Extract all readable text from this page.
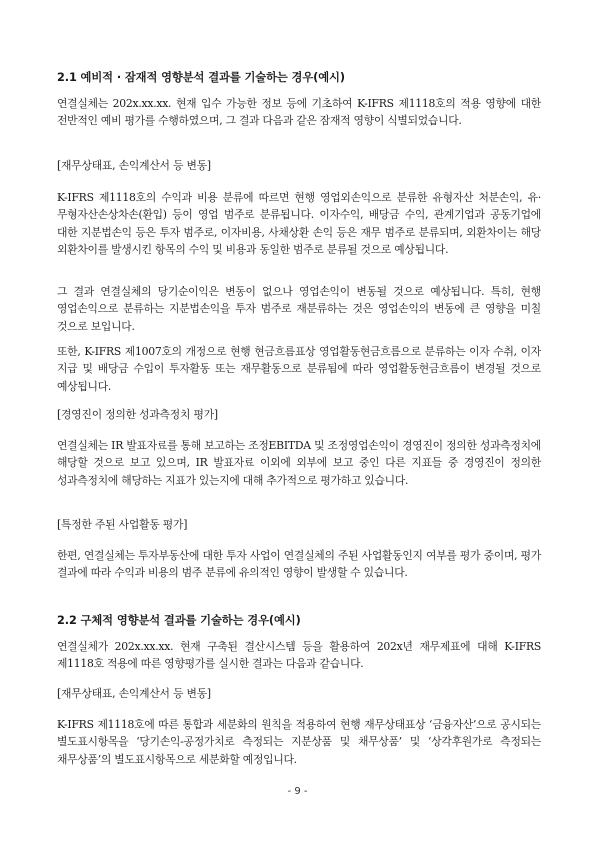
2.1 예비적 · 잠재적 영향분석 결과를 기술하는 경우(예시)

연결실체는 202x.xx.xx. 현재 입수 가능한 정보 등에 기초하여 K-IFRS 제1118호의 적용 영향에 대한 전반적인 예비 평가를 수행하였으며, 그 결과 다음과 같은 잠재적 영향이 식별되었습니다.

[재무상태표, 손익계산서 등 변동]

K-IFRS 제1118호의 수익과 비용 분류에 따르면 현행 영업외손익으로 분류한 유형자산 처분손익, 유·무형자산손상차손(환입) 등이 영업 범주로 분류됩니다. 이자수익, 배당금 수익, 관계기업과 공동기업에 대한 지분법손익 등은 투자 범주로, 이자비용, 사채상환 손익 등은 재무 범주로 분류되며, 외환차이는 해당 외환차이를 발생시킨 항목의 수익 및 비용과 동일한 범주로 분류될 것으로 예상됩니다.

그 결과 연결실체의 당기순이익은 변동이 없으나 영업손익이 변동될 것으로 예상됩니다. 특히, 현행 영업손익으로 분류하는 지분법손익을 투자 범주로 재분류하는 것은 영업손익의 변동에 큰 영향을 미칠 것으로 보입니다.

또한, K-IFRS 제1007호의 개정으로 현행 현금흐름표상 영업활동현금흐름으로 분류하는 이자 수취, 이자 지급 및 배당금 수입이 투자활동 또는 재무활동으로 분류됨에 따라 영업활동현금흐름이 변경될 것으로 예상됩니다.

[경영진이 정의한 성과측정치 평가]

연결실체는 IR 발표자료를 통해 보고하는 조정EBITDA 및 조정영업손익이 경영진이 정의한 성과측정치에 해당할 것으로 보고 있으며, IR 발표자료 이외에 외부에 보고 중인 다른 지표들 중 경영진이 정의한 성과측정치에 해당하는 지표가 있는지에 대해 추가적으로 평가하고 있습니다.

[특정한 주된 사업활동 평가]

한편, 연결실체는 투자부동산에 대한 투자 사업이 연결실체의 주된 사업활동인지 여부를 평가 중이며, 평가 결과에 따라 수익과 비용의 범주 분류에 유의적인 영향이 발생할 수 있습니다.

2.2 구체적 영향분석 결과를 기술하는 경우(예시)

연결실체가 202x.xx.xx. 현재 구축된 결산시스템 등을 활용하여 202x년 재무제표에 대해 K-IFRS 제1118호 적용에 따른 영향평가를 실시한 결과는 다음과 같습니다.

[재무상태표, 손익계산서 등 변동]

K-IFRS 제1118호에 따른 통합과 세분화의 원칙을 적용하여 현행 재무상태표상 ‘금융자산’으로 공시되는 별도표시항목을 ‘당기손익-공정가치로 측정되는 지분상품 및 채무상품’ 및 ‘상각후원가로 측정되는 채무상품’의 별도표시항목으로 세분화할 예정입니다.

- 9 -
